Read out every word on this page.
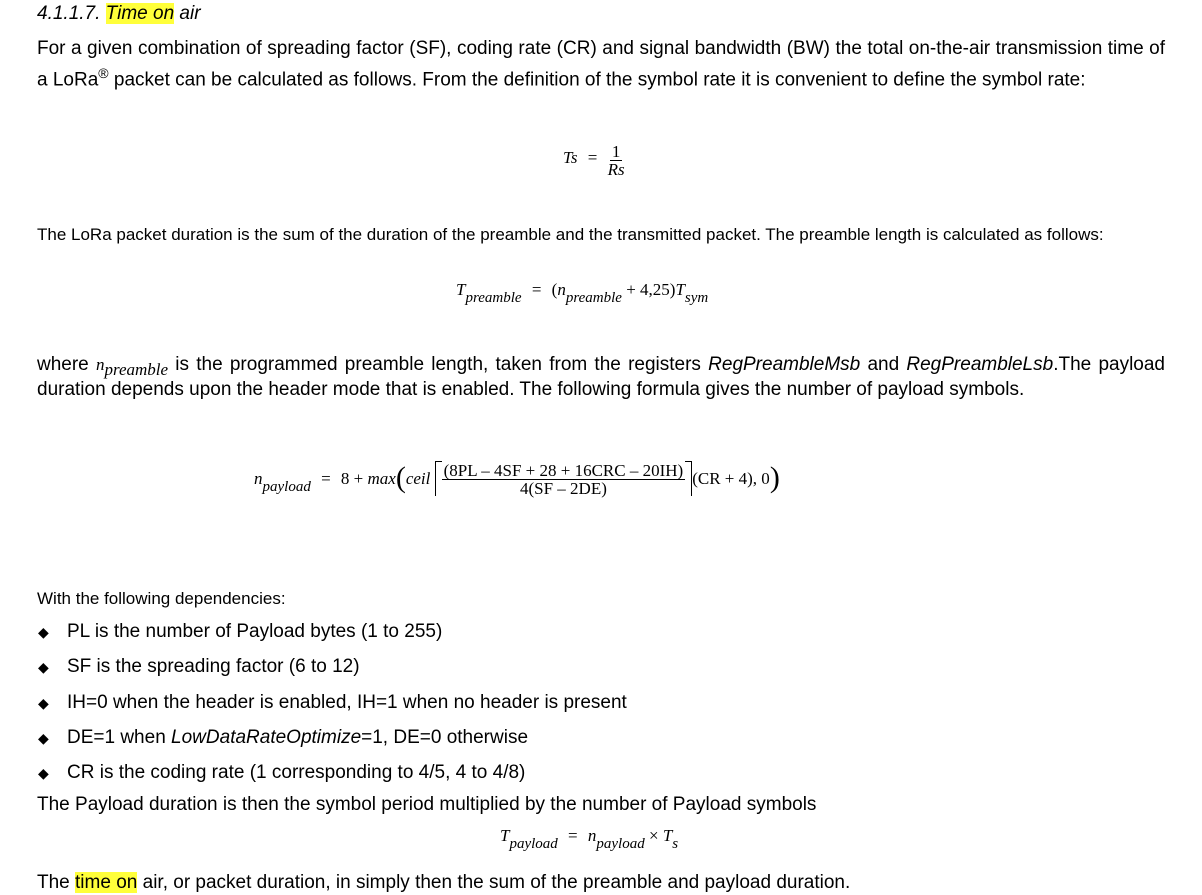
4.1.1.7. Time on air
For a given combination of spreading factor (SF), coding rate (CR) and signal bandwidth (BW) the total on-the-air transmission time of a LoRa® packet can be calculated as follows. From the definition of the symbol rate it is convenient to define the symbol rate:
$Ts = \frac{1}{Rs}$
The LoRa packet duration is the sum of the duration of the preamble and the transmitted packet. The preamble length is calculated as follows:
$T_{preamble} = (n_{preamble} + 4,25)T_{sym}$
where $n_{preamble}$ is the programmed preamble length, taken from the registers RegPreambleMsb and RegPreambleLsb.The payload duration depends upon the header mode that is enabled. The following formula gives the number of payload symbols.
$n_{payload} = 8$ + max(ceil $\frac{\text{(8PL – 4SF + 28 + 16CRC – 20IH)}}{4(SF - 2DE)} (CR + 4)$, 0)
With the following dependencies:
◆ PL is the number of Payload bytes (1 to 255)
◆ SF is the spreading factor (6 to 12)
◆ IH=0 when the header is enabled, IH=1 when no header is present
◆ DE=1 when LowDataRateOptimize=1, DE=0 otherwise
◆ CR is the coding rate (1 corresponding to 4/5, 4 to 4/8)
The Payload duration is then the symbol period multiplied by the number of Payload symbols
$T_{payload} = n_{payload} \times T_s$
The time on air, or packet duration, in simply then the sum of the preamble and payload duration.
